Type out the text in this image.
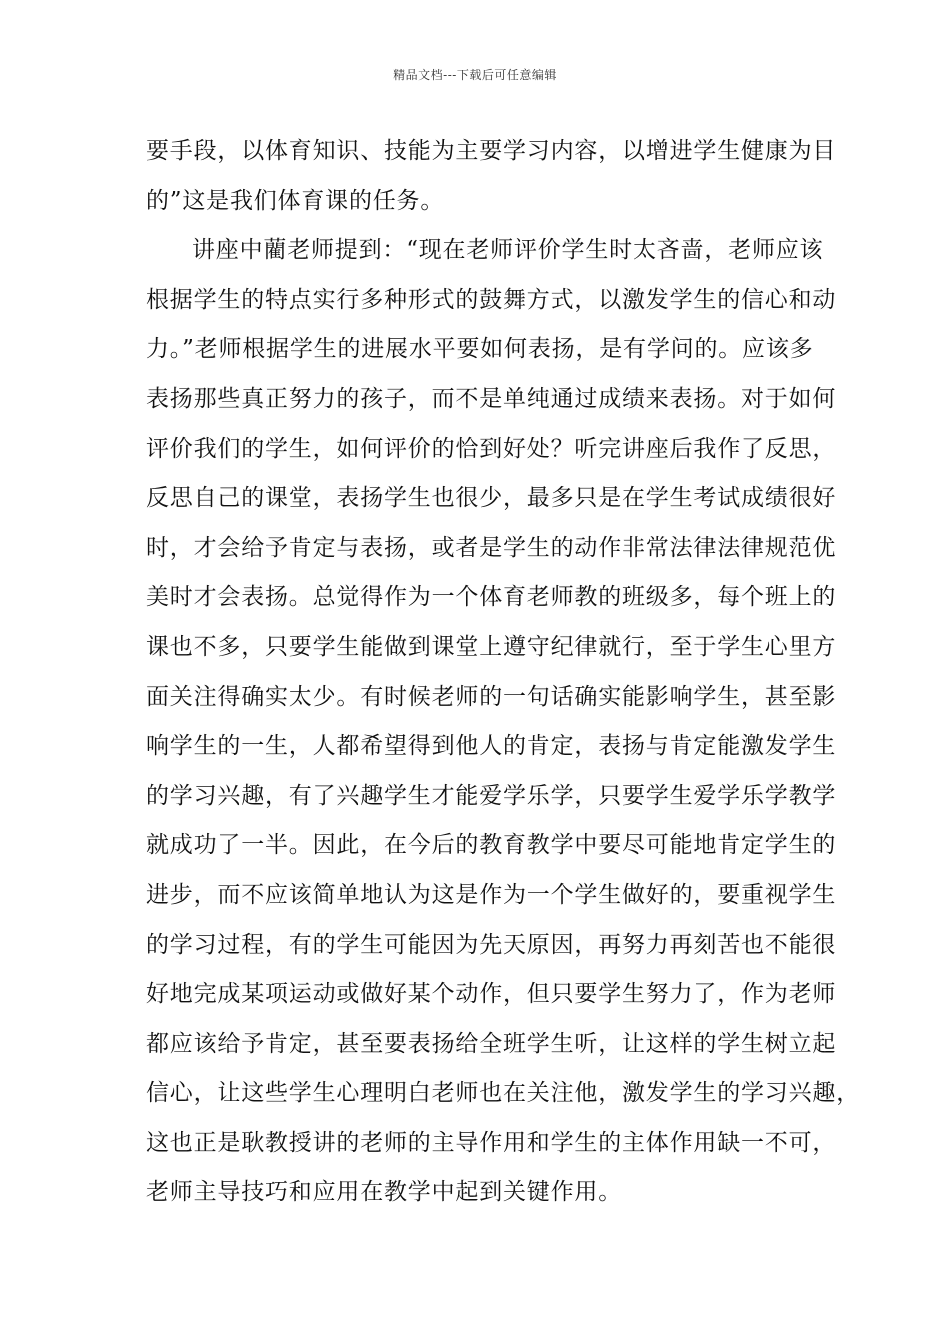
精品文档---下载后可任意编辑
要手段，以体育知识、技能为主要学习内容，以增进学生健康为目
的”这是我们体育课的任务。
讲座中藺老师提到：“现在老师评价学生时太吝啬，老师应该
根据学生的特点实行多种形式的鼓舞方式，以激发学生的信心和动
力。”老师根据学生的进展水平要如何表扬，是有学问的。应该多
表扬那些真正努力的孩子，而不是单纯通过成绩来表扬。对于如何
评价我们的学生，如何评价的恰到好处？听完讲座后我作了反思，
反思自己的课堂，表扬学生也很少，最多只是在学生考试成绩很好
时，才会给予肯定与表扬，或者是学生的动作非常法律法律规范优
美时才会表扬。总觉得作为一个体育老师教的班级多，每个班上的
课也不多，只要学生能做到课堂上遵守纪律就行，至于学生心里方
面关注得确实太少。有时候老师的一句话确实能影响学生，甚至影
响学生的一生，人都希望得到他人的肯定，表扬与肯定能激发学生
的学习兴趣，有了兴趣学生才能爱学乐学，只要学生爱学乐学教学
就成功了一半。因此，在今后的教育教学中要尽可能地肯定学生的
进步，而不应该简单地认为这是作为一个学生做好的，要重视学生
的学习过程，有的学生可能因为先天原因，再努力再刻苦也不能很
好地完成某项运动或做好某个动作，但只要学生努力了，作为老师
都应该给予肯定，甚至要表扬给全班学生听，让这样的学生树立起
信心，让这些学生心理明白老师也在关注他，激发学生的学习兴趣，
这也正是耿教授讲的老师的主导作用和学生的主体作用缺一不可，
老师主导技巧和应用在教学中起到关键作用。
